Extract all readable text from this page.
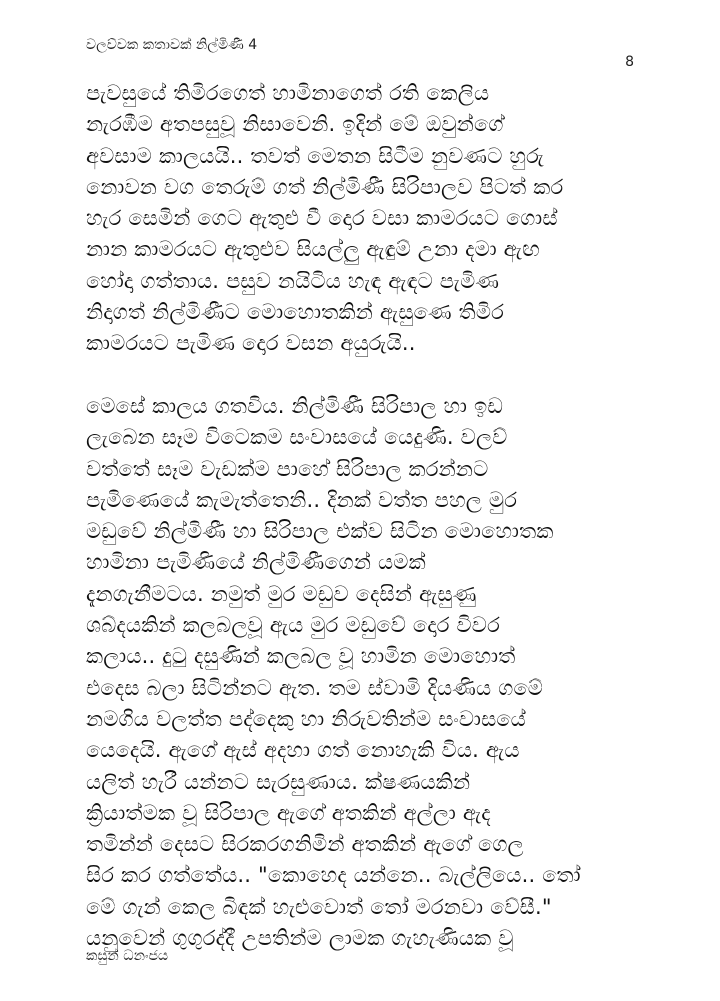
වලව්වක කතාවක් නිල්මිණී 4
8
පැවසුයේ තිමිරගෙත් හාමිනාගෙත් රති කෙලිය
නැරඹීම අතපසුවූ නිසාවෙනි. ඉදින් මේ ඔවුන්ගේ
අවසාම කාලයයි.. තවත් මෙතන සිටීම නුවණට හුරු
නොවන වග තෙරුම් ගත් නිල්මිණී සිරිපාලව පිටත් කර
හැර සෙමින් ගෙට ඇතුළු වී දොර වසා කාමරයට ගොස්
නාන කාමරයට ඇතුළුව සියල්ලු ඇඳුම් උනා දමා ඇඟ
හෝදා ගත්තාය. පසුව නයිටිය හැඳ ඇඳට පැමිණ
නිදාගත් නිල්මිණීට මොහොතකින් ඇසුණෙ තිමිර
කාමරයට පැමිණ දොර වසන අයුරුයි..
මෙසේ කාලය ගතවිය. නිල්මිණී සිරිපාල හා ඉඩ
ලැබෙන සෑම විටෙකම සංවාසයේ යෙදුණි. වලව්
වත්තේ සෑම වැඩක්ම පාහේ සිරිපාල කරන්නට
පැමිණෙයේ කැමැත්තෙනි.. දිනක් වත්ත පහල මුර
මඩුවේ නිල්මිණී හා සිරිපාල එක්ව සිටින මොහොතක
හාමිනා පැමිණියේ නිල්මිණීගෙන් යමක්
දැනගැනීමටය. නමුත් මුර මඩුව දෙසින් ඇසුණු
ශබ්දයකින් කලබලවූ ඇය මුර මඩුවේ දොර විවර
කලාය.. දුටු දසුණින් කලබල වූ හාමින මොහොත්
එදෙස බලා සිටින්නට ඇත. තම ස්වාමි දියණිය ගමේ
නමගිය වලත්ත පද්දෙකු හා නිරුවතින්ම සංවාසයේ
යෙදෙයි. ඇගේ ඇස් අදහා ගත් නොහැකි විය. ඇය
යලිත් හැරී යන්නට සැරසුණාය. ක්ෂණයකින්
ක්‍රියාත්මක වූ සිරිපාල ඇගේ අතකින් අල්ලා ඇද
තමින්න් දෙසට සිරකරගනිමින් අතකින් ඇගේ ගෙල
සිර කර ගත්තේය.. "කොහෙද යන්නෙ.. බැල්ලියෙ.. තෝ
මේ ගැන් කෙල බිඳක් හැළුවොත් තෝ මරනවා වේසී."
යනුවෙන් ගුගුරද්දී උපතින්ම ලාමක ගැහැණියක වූ
කසුන් ධනංජය
